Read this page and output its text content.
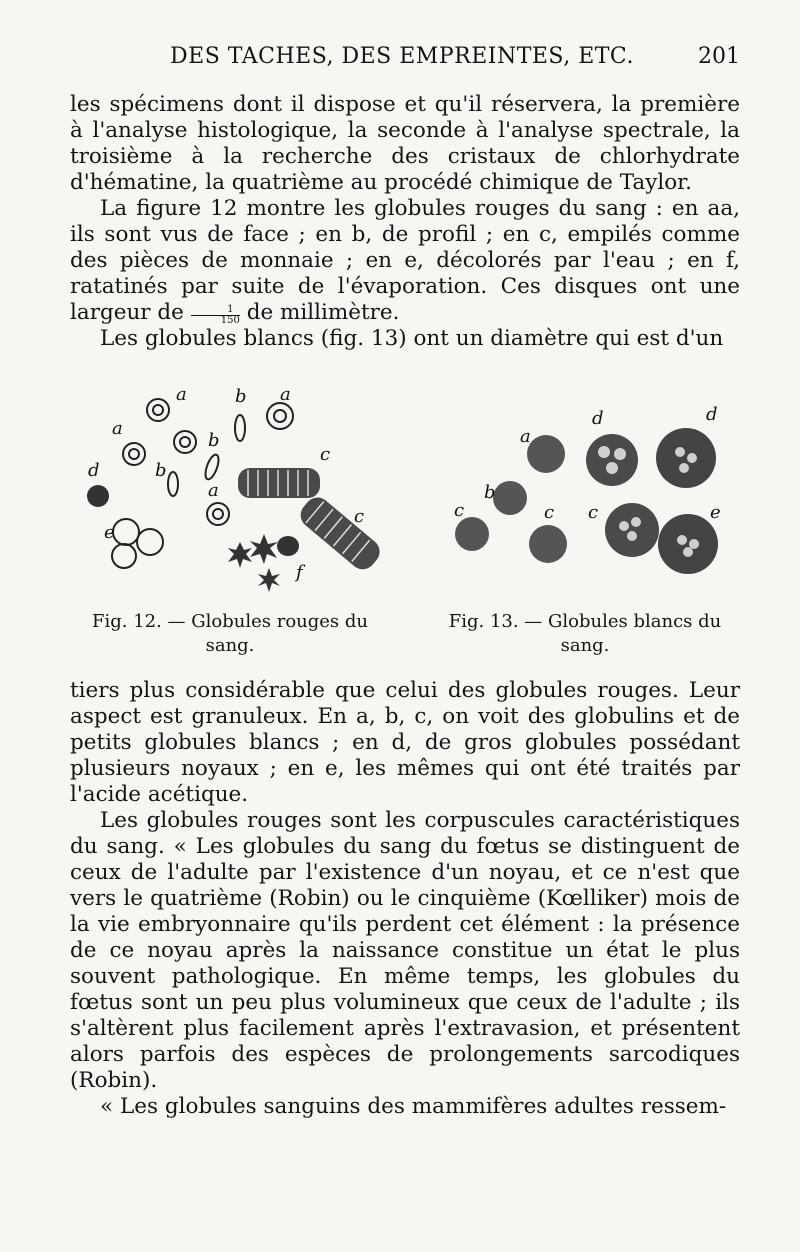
DES TACHES, DES EMPREINTES, ETC.	201

les spécimens dont il dispose et qu'il réservera, la première à l'analyse histologique, la seconde à l'analyse spectrale, la troisième à la recherche des cristaux de chlorhydrate d'hématine, la quatrième au procédé chimique de Taylor.

La figure 12 montre les globules rouges du sang : en aa, ils sont vus de face ; en b, de profil ; en c, empilés comme des pièces de monnaie ; en e, décolorés par l'eau ; en f, ratatinés par suite de l'évaporation. Ces disques ont une largeur de $\frac{1}{150}$ de millimètre.

Les globules blancs (fig. 13) ont un diamètre qui est d'un

a	b a
a
b
d	b
c
a
e
c
f
Fig. 12. — Globules rouges du sang.
a
d	d
b
c	c c	e
Fig. 13. — Globules blancs du sang.

tiers plus considérable que celui des globules rouges. Leur aspect est granuleux. En a, b, c, on voit des globulins et de petits globules blancs ; en d, de gros globules possédant plusieurs noyaux ; en e, les mêmes qui ont été traités par l'acide acétique.

Les globules rouges sont les corpuscules caractéristiques du sang. « Les globules du sang du fœtus se distinguent de ceux de l'adulte par l'existence d'un noyau, et ce n'est que vers le quatrième (Robin) ou le cinquième (Kœlliker) mois de la vie embryonnaire qu'ils perdent cet élément : la présence de ce noyau après la naissance constitue un état le plus souvent pathologique. En même temps, les globules du fœtus sont un peu plus volumineux que ceux de l'adulte ; ils s'altèrent plus facilement après l'extravasion, et présentent alors parfois des espèces de prolongements sarcodiques (Robin).

« Les globules sanguins des mammifères adultes ressem-
